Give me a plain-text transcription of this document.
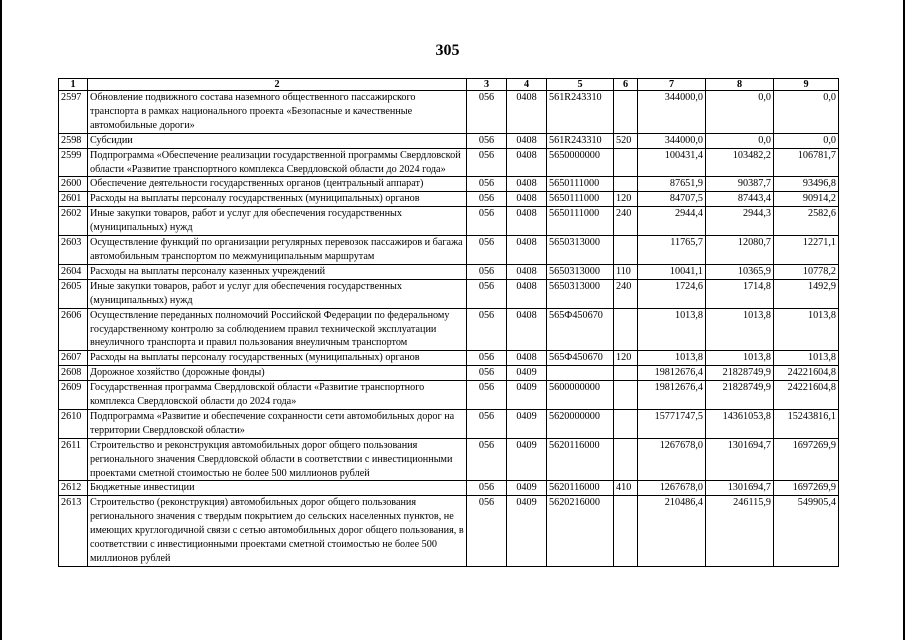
305
1	2	3	4	5	6	7	8	9
2597	Обновление подвижного состава наземного общественного пассажирского транспорта в рамках национального проекта «Безопасные и качественные автомобильные дороги»	056	0408	561R243310		344000,0	0,0	0,0
2598	Субсидии	056	0408	561R243310	520	344000,0	0,0	0,0
2599	Подпрограмма «Обеспечение реализации государственной программы Свердловской области «Развитие транспортного комплекса Свердловской области до 2024 года»	056	0408	5650000000		100431,4	103482,2	106781,7
2600	Обеспечение деятельности государственных органов (центральный аппарат)	056	0408	5650111000		87651,9	90387,7	93496,8
2601	Расходы на выплаты персоналу государственных (муниципальных) органов	056	0408	5650111000	120	84707,5	87443,4	90914,2
2602	Иные закупки товаров, работ и услуг для обеспечения государственных (муниципальных) нужд	056	0408	5650111000	240	2944,4	2944,3	2582,6
2603	Осуществление функций по организации регулярных перевозок пассажиров и багажа автомобильным транспортом по межмуниципальным маршрутам	056	0408	5650313000		11765,7	12080,7	12271,1
2604	Расходы на выплаты персоналу казенных учреждений	056	0408	5650313000	110	10041,1	10365,9	10778,2
2605	Иные закупки товаров, работ и услуг для обеспечения государственных (муниципальных) нужд	056	0408	5650313000	240	1724,6	1714,8	1492,9
2606	Осуществление переданных полномочий Российской Федерации по федеральному государственному контролю за соблюдением правил технической эксплуатации внеуличного транспорта и правил пользования внеуличным транспортом	056	0408	565Ф450670		1013,8	1013,8	1013,8
2607	Расходы на выплаты персоналу государственных (муниципальных) органов	056	0408	565Ф450670	120	1013,8	1013,8	1013,8
2608	Дорожное хозяйство (дорожные фонды)	056	0409			19812676,4	21828749,9	24221604,8
2609	Государственная программа Свердловской области «Развитие транспортного комплекса Свердловской области до 2024 года»	056	0409	5600000000		19812676,4	21828749,9	24221604,8
2610	Подпрограмма «Развитие и обеспечение сохранности сети автомобильных дорог на территории Свердловской области»	056	0409	5620000000		15771747,5	14361053,8	15243816,1
2611	Строительство и реконструкция автомобильных дорог общего пользования регионального значения Свердловской области в соответствии с инвестиционными проектами сметной стоимостью не более 500 миллионов рублей	056	0409	5620116000		1267678,0	1301694,7	1697269,9
2612	Бюджетные инвестиции	056	0409	5620116000	410	1267678,0	1301694,7	1697269,9
2613	Строительство (реконструкция) автомобильных дорог общего пользования регионального значения с твердым покрытием до сельских населенных пунктов, не имеющих круглогодичной связи с сетью автомобильных дорог общего пользования, в соответствии с инвестиционными проектами сметной стоимостью не более 500 миллионов рублей	056	0409	5620216000		210486,4	246115,9	549905,4
